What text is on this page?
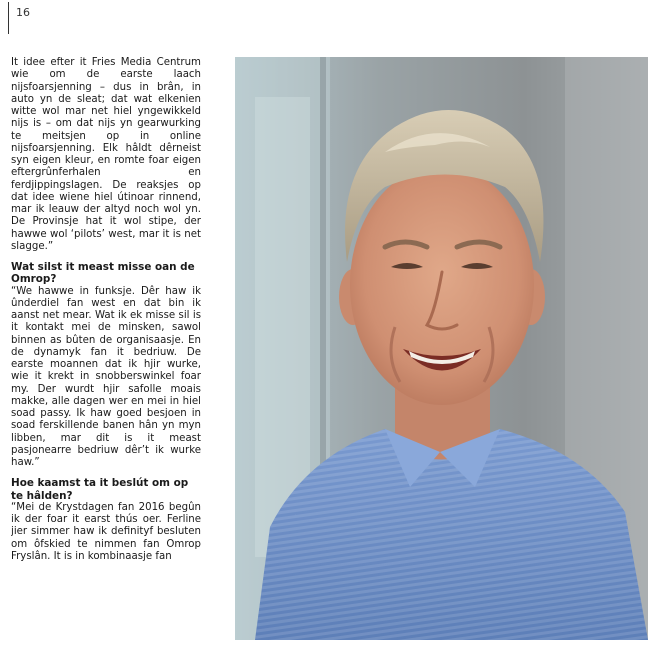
16

It idee efter it Fries Media Centrum wie om de earste laach nijsfoarsjenning – dus in brân, in auto yn de sleat; dat wat elkenien witte wol mar net hiel yngewikkeld nijs is – om dat nijs yn gearwurking te meitsjen op in online nijsfoarsjenning. Elk hâldt dêrneist syn eigen kleur, en romte foar eigen eftergrûnferhalen en ferdjippingslagen. De reaksjes op dat idee wiene hiel útinoar rinnend, mar ik leauw der altyd noch wol yn. De Provinsje hat it wol stipe, der hawwe wol ‘pilots’ west, mar it is net slagge.”

Wat silst it meast misse oan de Omrop?

“We hawwe in funksje. Dêr haw ik ûnderdiel fan west en dat bin ik aanst net mear. Wat ik ek misse sil is it kontakt mei de minsken, sawol binnen as bûten de organisaasje. En de dynamyk fan it bedriuw. De earste moannen dat ik hjir wurke, wie it krekt in snobberswinkel foar my. Der wurdt hjir safolle moais makke, alle dagen wer en mei in hiel soad passy. Ik haw goed besjoen in soad ferskillende banen hân yn myn libben, mar dit is it meast pasjonearre bedriuw dêr’t ik wurke haw.”

Hoe kaamst ta it beslút om op te hâlden?

“Mei de Krystdagen fan 2016 begûn ik der foar it earst thús oer. Ferline jier simmer haw ik definityf besluten om ôfskied te nimmen fan Omrop Fryslân. It is in kombinaasje fan
